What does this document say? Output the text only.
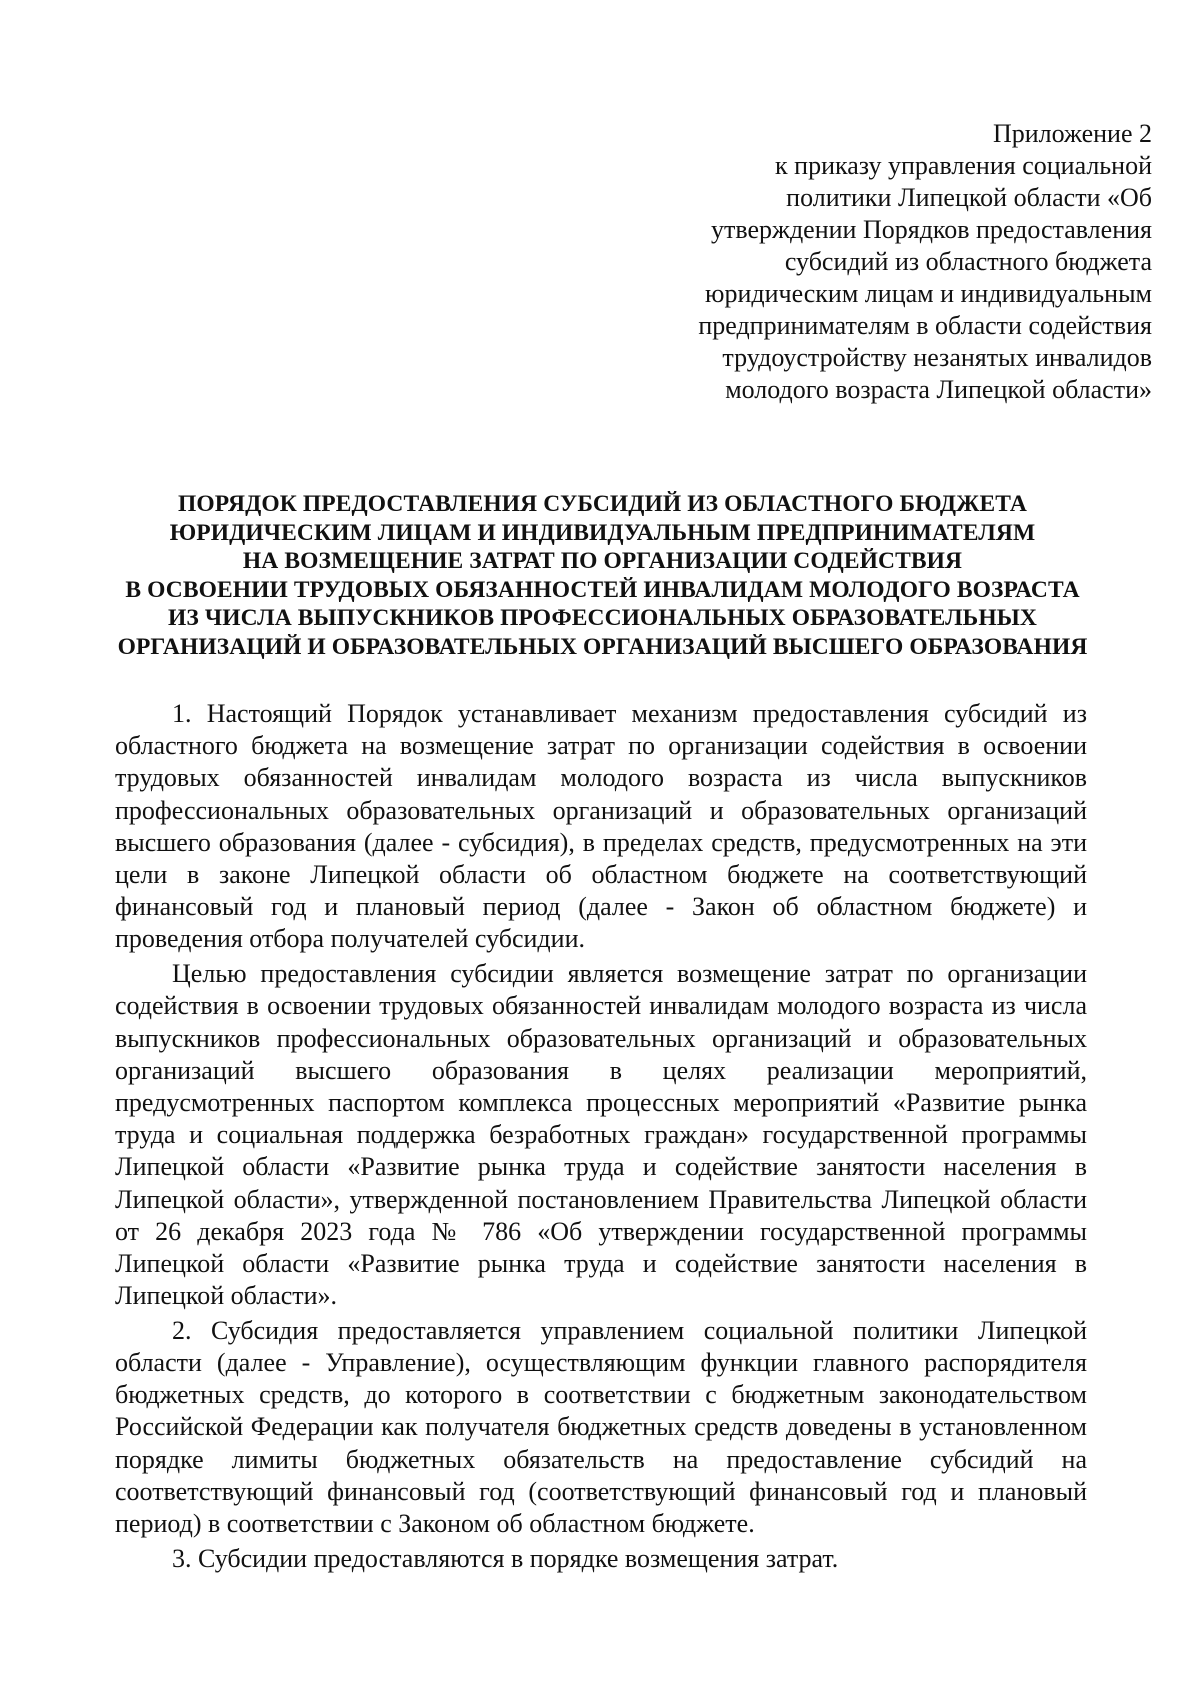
Приложение 2
к приказу управления социальной
политики Липецкой области «Об
утверждении Порядков предоставления
субсидий из областного бюджета
юридическим лицам и индивидуальным
предпринимателям в области содействия
трудоустройству незанятых инвалидов
молодого возраста Липецкой области»
ПОРЯДОК ПРЕДОСТАВЛЕНИЯ СУБСИДИЙ ИЗ ОБЛАСТНОГО БЮДЖЕТА
ЮРИДИЧЕСКИМ ЛИЦАМ И ИНДИВИДУАЛЬНЫМ ПРЕДПРИНИМАТЕЛЯМ
НА ВОЗМЕЩЕНИЕ ЗАТРАТ ПО ОРГАНИЗАЦИИ СОДЕЙСТВИЯ
В ОСВОЕНИИ ТРУДОВЫХ ОБЯЗАННОСТЕЙ ИНВАЛИДАМ МОЛОДОГО ВОЗРАСТА
ИЗ ЧИСЛА ВЫПУСКНИКОВ ПРОФЕССИОНАЛЬНЫХ ОБРАЗОВАТЕЛЬНЫХ
ОРГАНИЗАЦИЙ И ОБРАЗОВАТЕЛЬНЫХ ОРГАНИЗАЦИЙ ВЫСШЕГО ОБРАЗОВАНИЯ

1. Настоящий Порядок устанавливает механизм предоставления субсидий из областного бюджета на возмещение затрат по организации содействия в освоении трудовых обязанностей инвалидам молодого возраста из числа выпускников профессиональных образовательных организаций и образовательных организаций высшего образования (далее - субсидия), в пределах средств, предусмотренных на эти цели в законе Липецкой области об областном бюджете на соответствующий финансовый год и плановый период (далее - Закон об областном бюджете) и проведения отбора получателей субсидии.

Целью предоставления субсидии является возмещение затрат по организации содействия в освоении трудовых обязанностей инвалидам молодого возраста из числа выпускников профессиональных образовательных организаций и образовательных организаций высшего образования в целях реализации мероприятий, предусмотренных паспортом комплекса процессных мероприятий «Развитие рынка труда и социальная поддержка безработных граждан» государственной программы Липецкой области «Развитие рынка труда и содействие занятости населения в Липецкой области», утвержденной постановлением Правительства Липецкой области от 26 декабря 2023 года № 786 «Об утверждении государственной программы Липецкой области «Развитие рынка труда и содействие занятости населения в Липецкой области».

2. Субсидия предоставляется управлением социальной политики Липецкой области (далее - Управление), осуществляющим функции главного распорядителя бюджетных средств, до которого в соответствии с бюджетным законодательством Российской Федерации как получателя бюджетных средств доведены в установленном порядке лимиты бюджетных обязательств на предоставление субсидий на соответствующий финансовый год (соответствующий финансовый год и плановый период) в соответствии с Законом об областном бюджете.

3. Субсидии предоставляются в порядке возмещения затрат.
